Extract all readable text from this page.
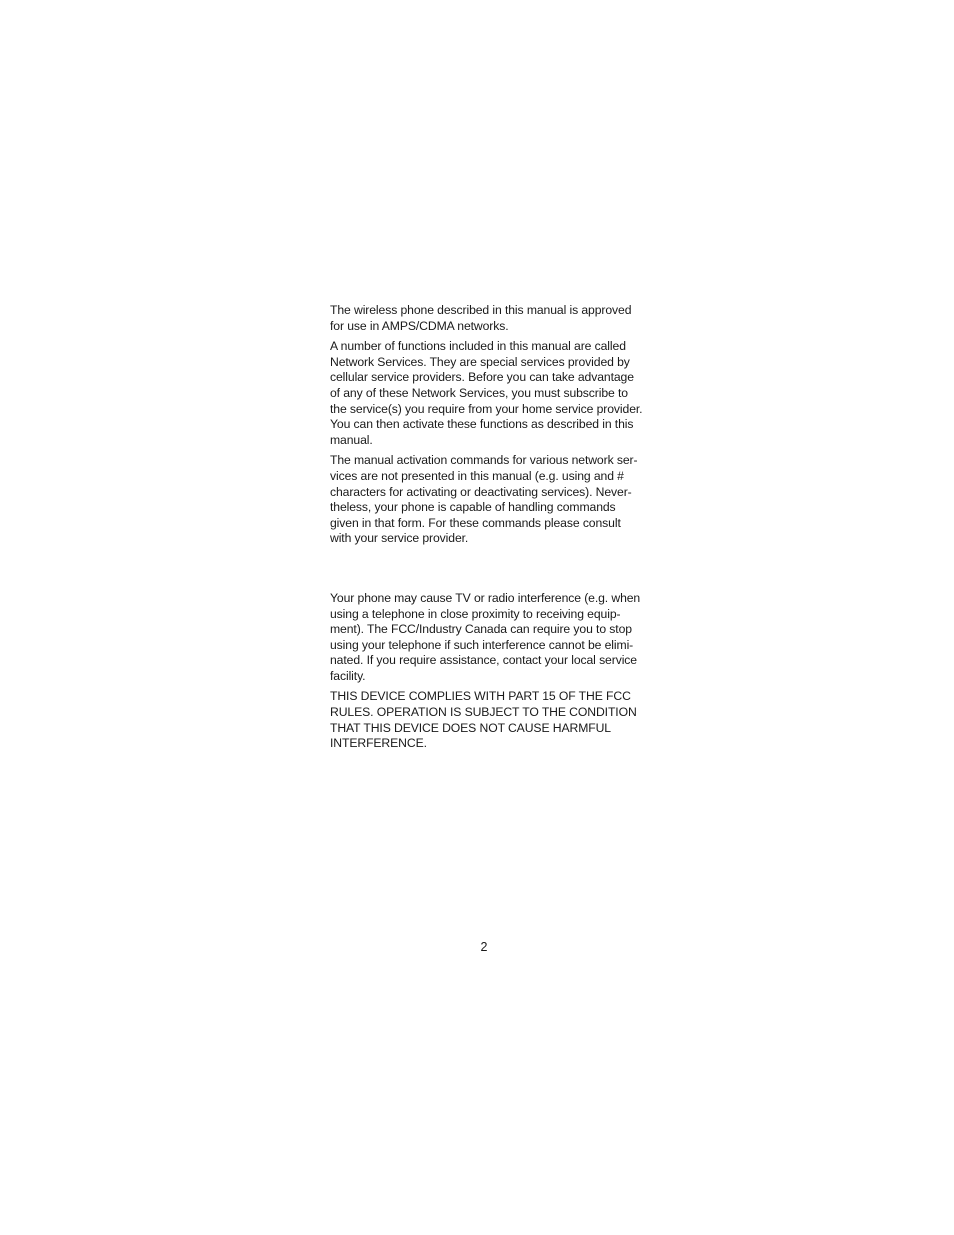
The wireless phone described in this manual is approved
for use in AMPS/CDMA networks.

A number of functions included in this manual are called
Network Services. They are special services provided by
cellular service providers. Before you can take advantage
of any of these Network Services, you must subscribe to
the service(s) you require from your home service provider.
You can then activate these functions as described in this
manual.

The manual activation commands for various network ser-
vices are not presented in this manual (e.g. using and #
characters for activating or deactivating services). Never-
theless, your phone is capable of handling commands
given in that form. For these commands please consult
with your service provider.

Your phone may cause TV or radio interference (e.g. when
using a telephone in close proximity to receiving equip-
ment). The FCC/Industry Canada can require you to stop
using your telephone if such interference cannot be elimi-
nated. If you require assistance, contact your local service
facility.

THIS DEVICE COMPLIES WITH PART 15 OF THE FCC
RULES. OPERATION IS SUBJECT TO THE CONDITION
THAT THIS DEVICE DOES NOT CAUSE HARMFUL
INTERFERENCE.

2
